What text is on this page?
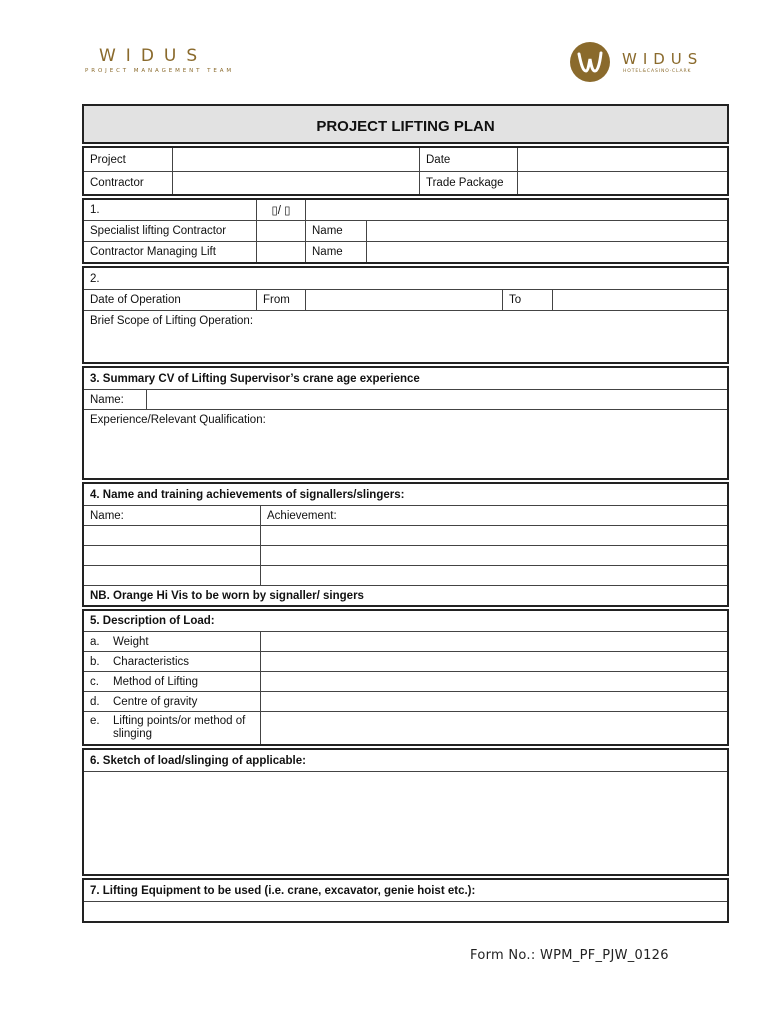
WIDUS
PROJECT MANAGEMENT TEAM
WIDUS
HOTEL&CASINO·CLARK
PROJECT LIFTING PLAN
Project	Date
Contractor	Trade Package
1.	▯/ ▯
Specialist lifting Contractor	Name
Contractor Managing Lift	Name
2.
Date of Operation	From	To
Brief Scope of Lifting Operation:
3. Summary CV of Lifting Supervisor’s crane age experience
Name:
Experience/Relevant Qualification:
4. Name and training achievements of signallers/slingers:
Name:	Achievement:
NB. Orange Hi Vis to be worn by signaller/ singers
5. Description of Load:
a.	Weight
b.	Characteristics
c.	Method of Lifting
d.	Centre of gravity
e.	Lifting points/or method of slinging
6. Sketch of load/slinging of applicable:
7. Lifting Equipment to be used (i.e. crane, excavator, genie hoist etc.):
Form No.: WPM_PF_PJW_0126
